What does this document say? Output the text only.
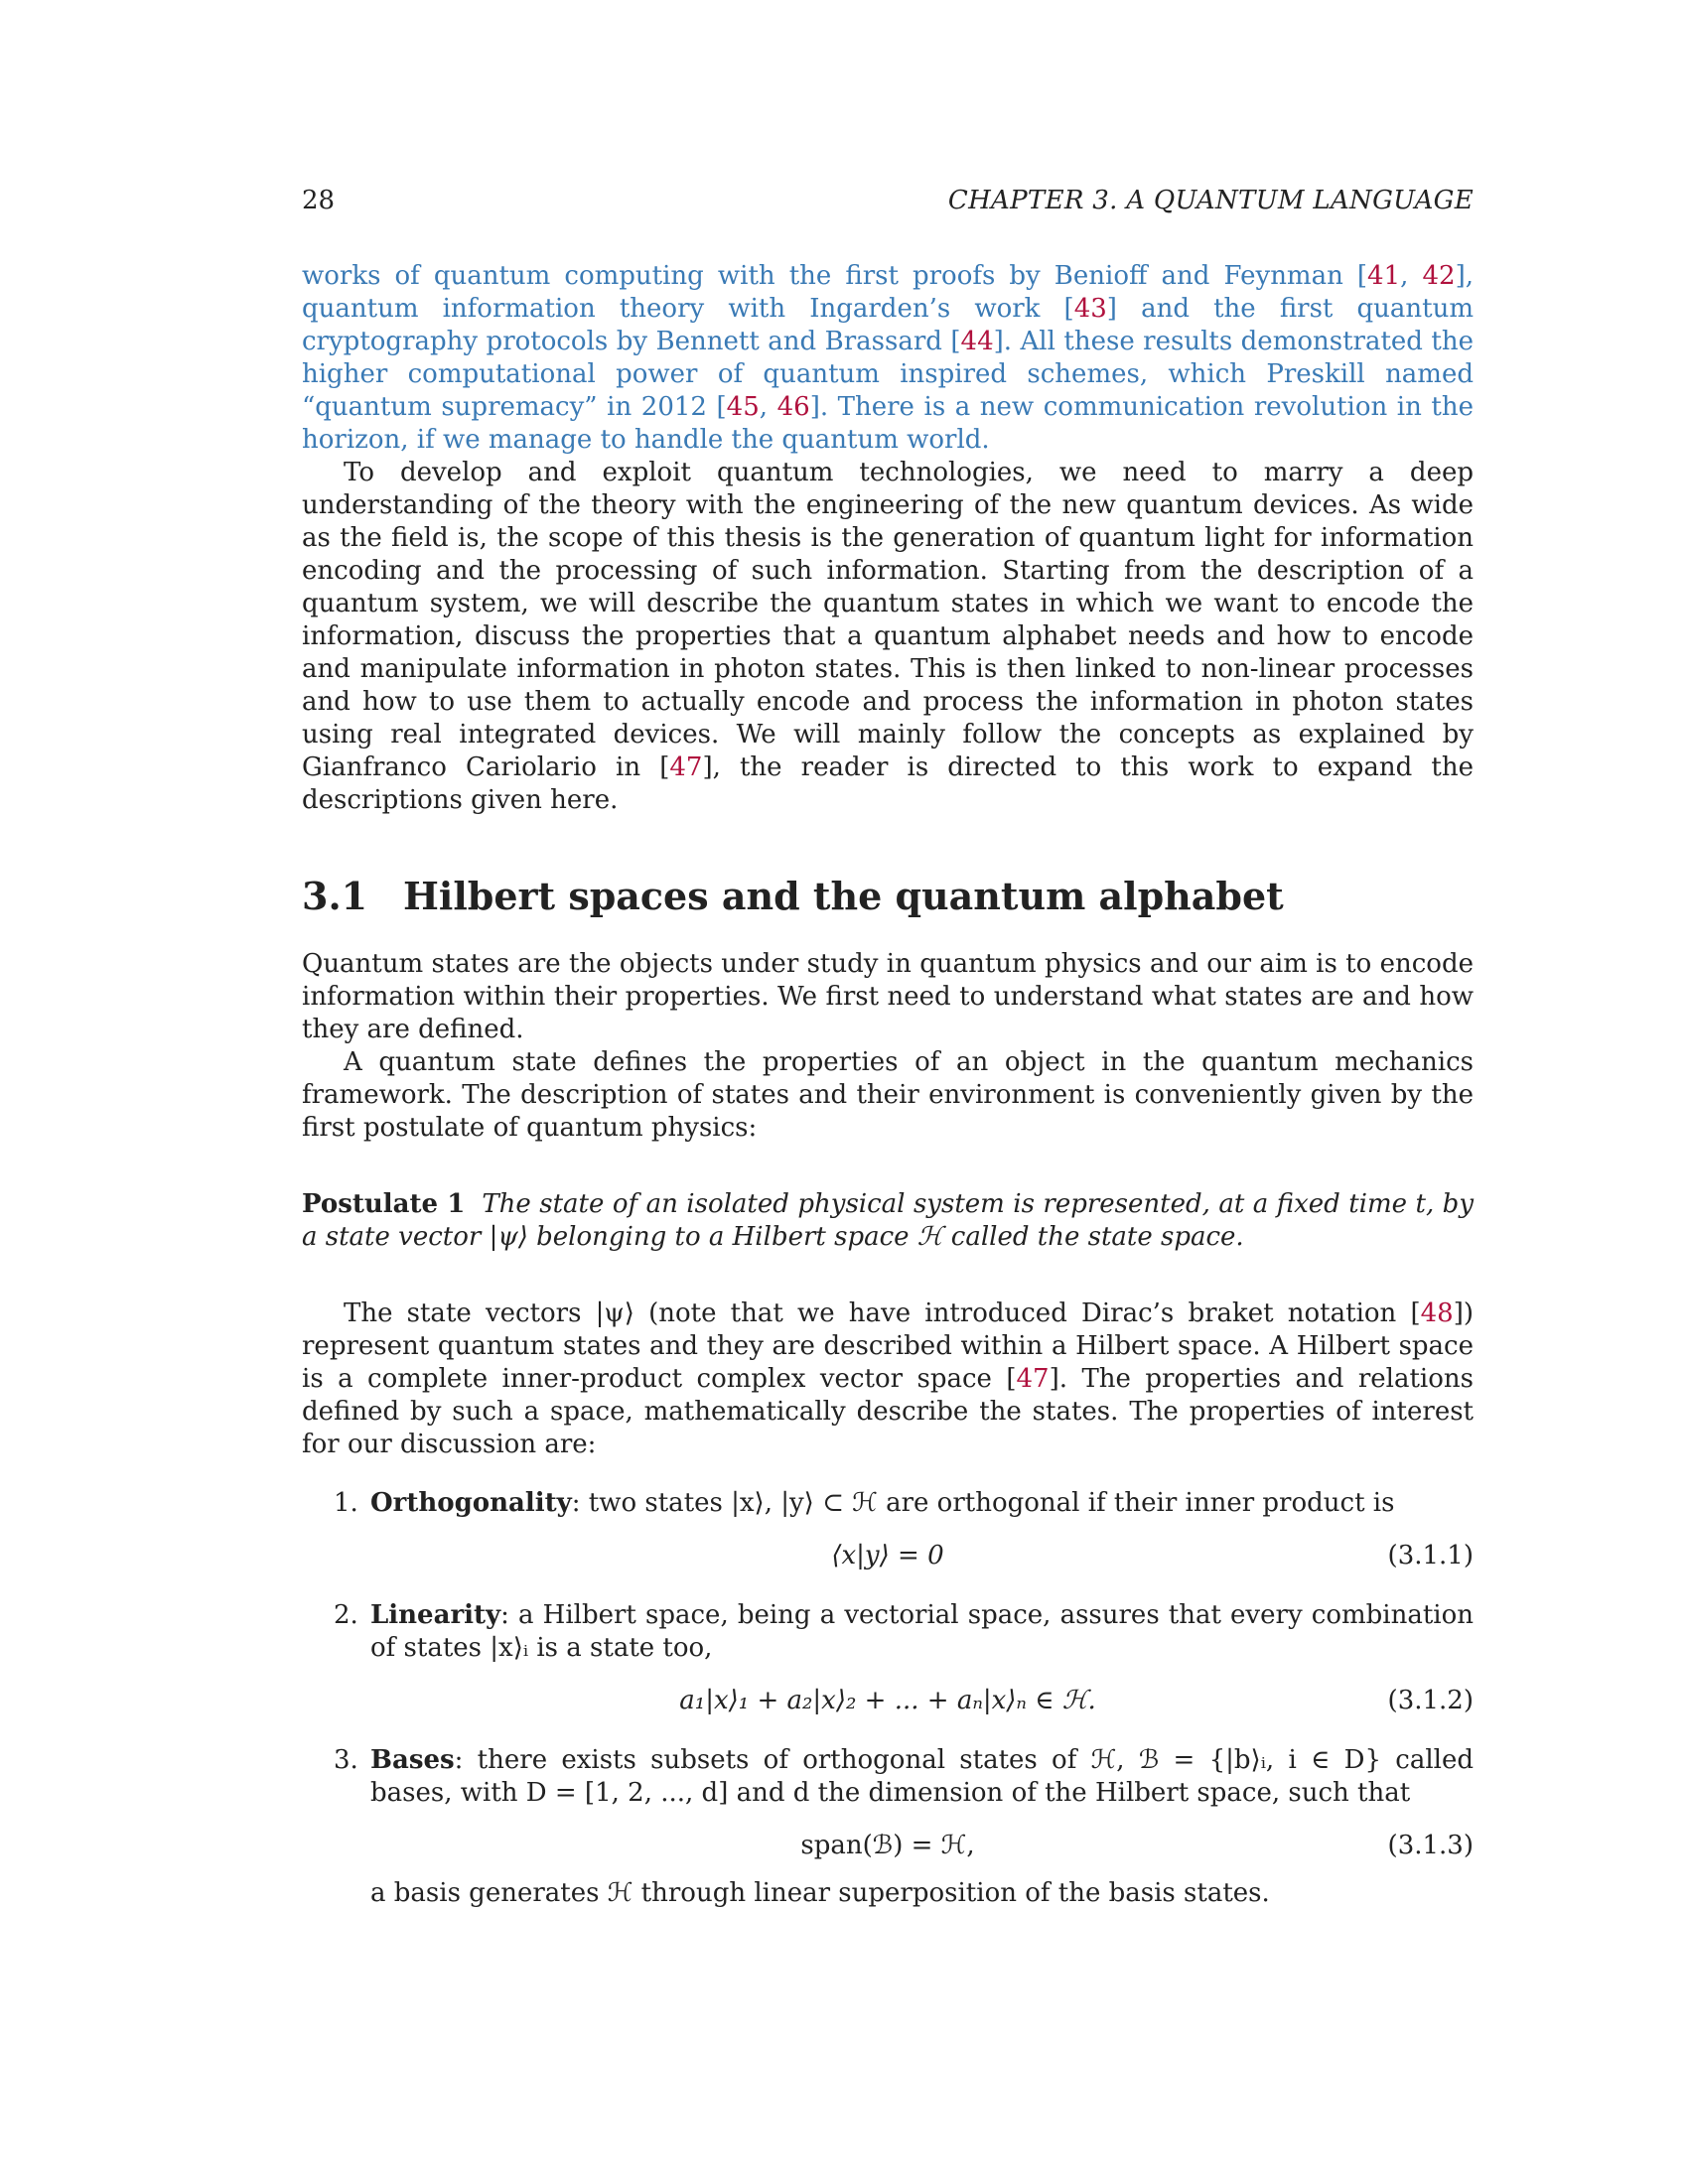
28	CHAPTER 3. A QUANTUM LANGUAGE

works of quantum computing with the first proofs by Benioff and Feynman [41, 42], quantum information theory with Ingarden’s work [43] and the first quantum cryptography protocols by Bennett and Brassard [44]. All these results demonstrated the higher computational power of quantum inspired schemes, which Preskill named “quantum supremacy” in 2012 [45, 46]. There is a new communication revolution in the horizon, if we manage to handle the quantum world.

To develop and exploit quantum technologies, we need to marry a deep understanding of the theory with the engineering of the new quantum devices. As wide as the field is, the scope of this thesis is the generation of quantum light for information encoding and the processing of such information. Starting from the description of a quantum system, we will describe the quantum states in which we want to encode the information, discuss the properties that a quantum alphabet needs and how to encode and manipulate information in photon states. This is then linked to non-linear processes and how to use them to actually encode and process the information in photon states using real integrated devices. We will mainly follow the concepts as explained by Gianfranco Cariolario in [47], the reader is directed to this work to expand the descriptions given here.

3.1 Hilbert spaces and the quantum alphabet

Quantum states are the objects under study in quantum physics and our aim is to encode information within their properties. We first need to understand what states are and how they are defined.

A quantum state defines the properties of an object in the quantum mechanics framework. The description of states and their environment is conveniently given by the first postulate of quantum physics:

Postulate 1 The state of an isolated physical system is represented, at a fixed time t, by a state vector |ψ⟩ belonging to a Hilbert space ℋ called the state space.

The state vectors |ψ⟩ (note that we have introduced Dirac’s braket notation [48]) represent quantum states and they are described within a Hilbert space. A Hilbert space is a complete inner-product complex vector space [47]. The properties and relations defined by such a space, mathematically describe the states. The properties of interest for our discussion are:

1. Orthogonality: two states |x⟩, |y⟩ ⊂ ℋ are orthogonal if their inner product is
⟨x|y⟩ = 0	(3.1.1)
2. Linearity: a Hilbert space, being a vectorial space, assures that every combination of states |x⟩ᵢ is a state too,
a₁|x⟩₁ + a₂|x⟩₂ + ... + aₙ|x⟩ₙ ∈ ℋ.	(3.1.2)
3. Bases: there exists subsets of orthogonal states of ℋ, ℬ = {|b⟩ᵢ, i ∈ D} called bases, with D = [1, 2, ..., d] and d the dimension of the Hilbert space, such that
span(ℬ) = ℋ,	(3.1.3)
a basis generates ℋ through linear superposition of the basis states.
